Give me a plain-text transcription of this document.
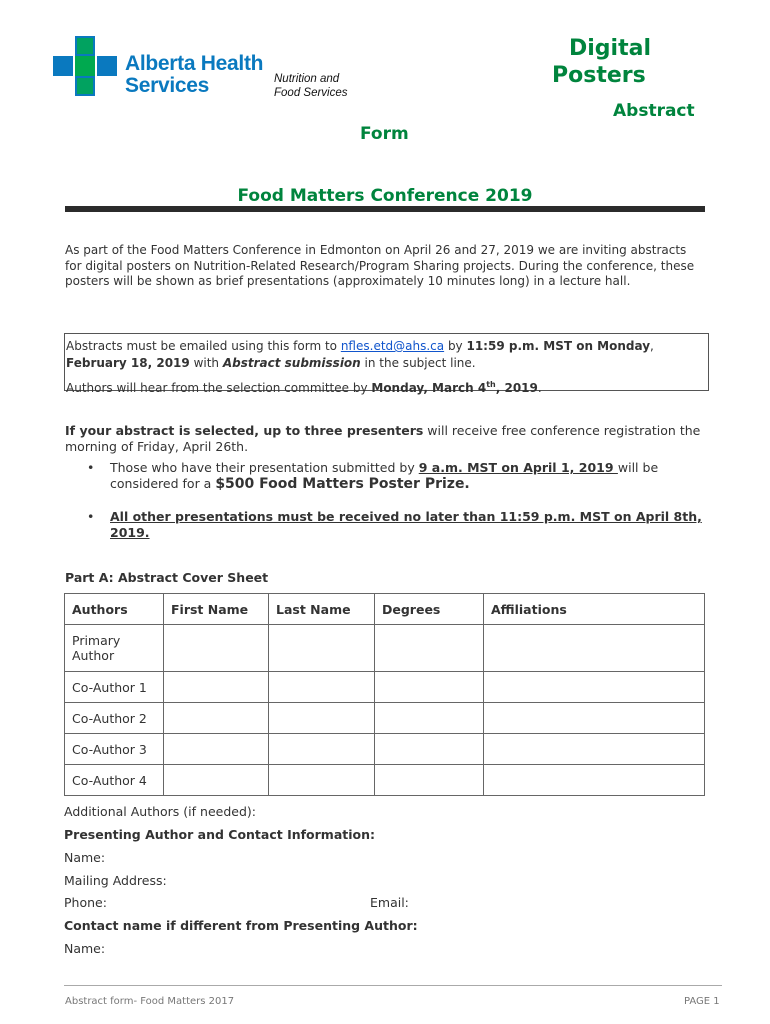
Alberta Health
Services	Nutrition and
Food Services
Digital
Posters
Abstract
Form
Food Matters Conference 2019
As part of the Food Matters Conference in Edmonton on April 26 and 27, 2019 we are inviting abstracts for digital posters on Nutrition-Related Research/Program Sharing projects. During the conference, these posters will be shown as brief presentations (approximately 10 minutes long) in a lecture hall.
Abstracts must be emailed using this form to nfles.etd@ahs.ca by 11:59 p.m. MST on Monday,
February 18, 2019 with Abstract submission in the subject line.
Authors will hear from the selection committee by Monday, March 4th, 2019.
If your abstract is selected, up to three presenters will receive free conference registration the morning of Friday, April 26th.
• Those who have their presentation submitted by 9 a.m. MST on April 1, 2019 will be considered for a $500 Food Matters Poster Prize.
• All other presentations must be received no later than 11:59 p.m. MST on April 8th, 2019.
Part A: Abstract Cover Sheet
Authors	First Name	Last Name	Degrees	Affiliations
Primary Author				
Co-Author 1				
Co-Author 2				
Co-Author 3				
Co-Author 4				
Additional Authors (if needed):
Presenting Author and Contact Information:
Name:
Mailing Address:
Phone:	Email:
Contact name if different from Presenting Author:
Name:
Abstract form- Food Matters 2017	PAGE 1
